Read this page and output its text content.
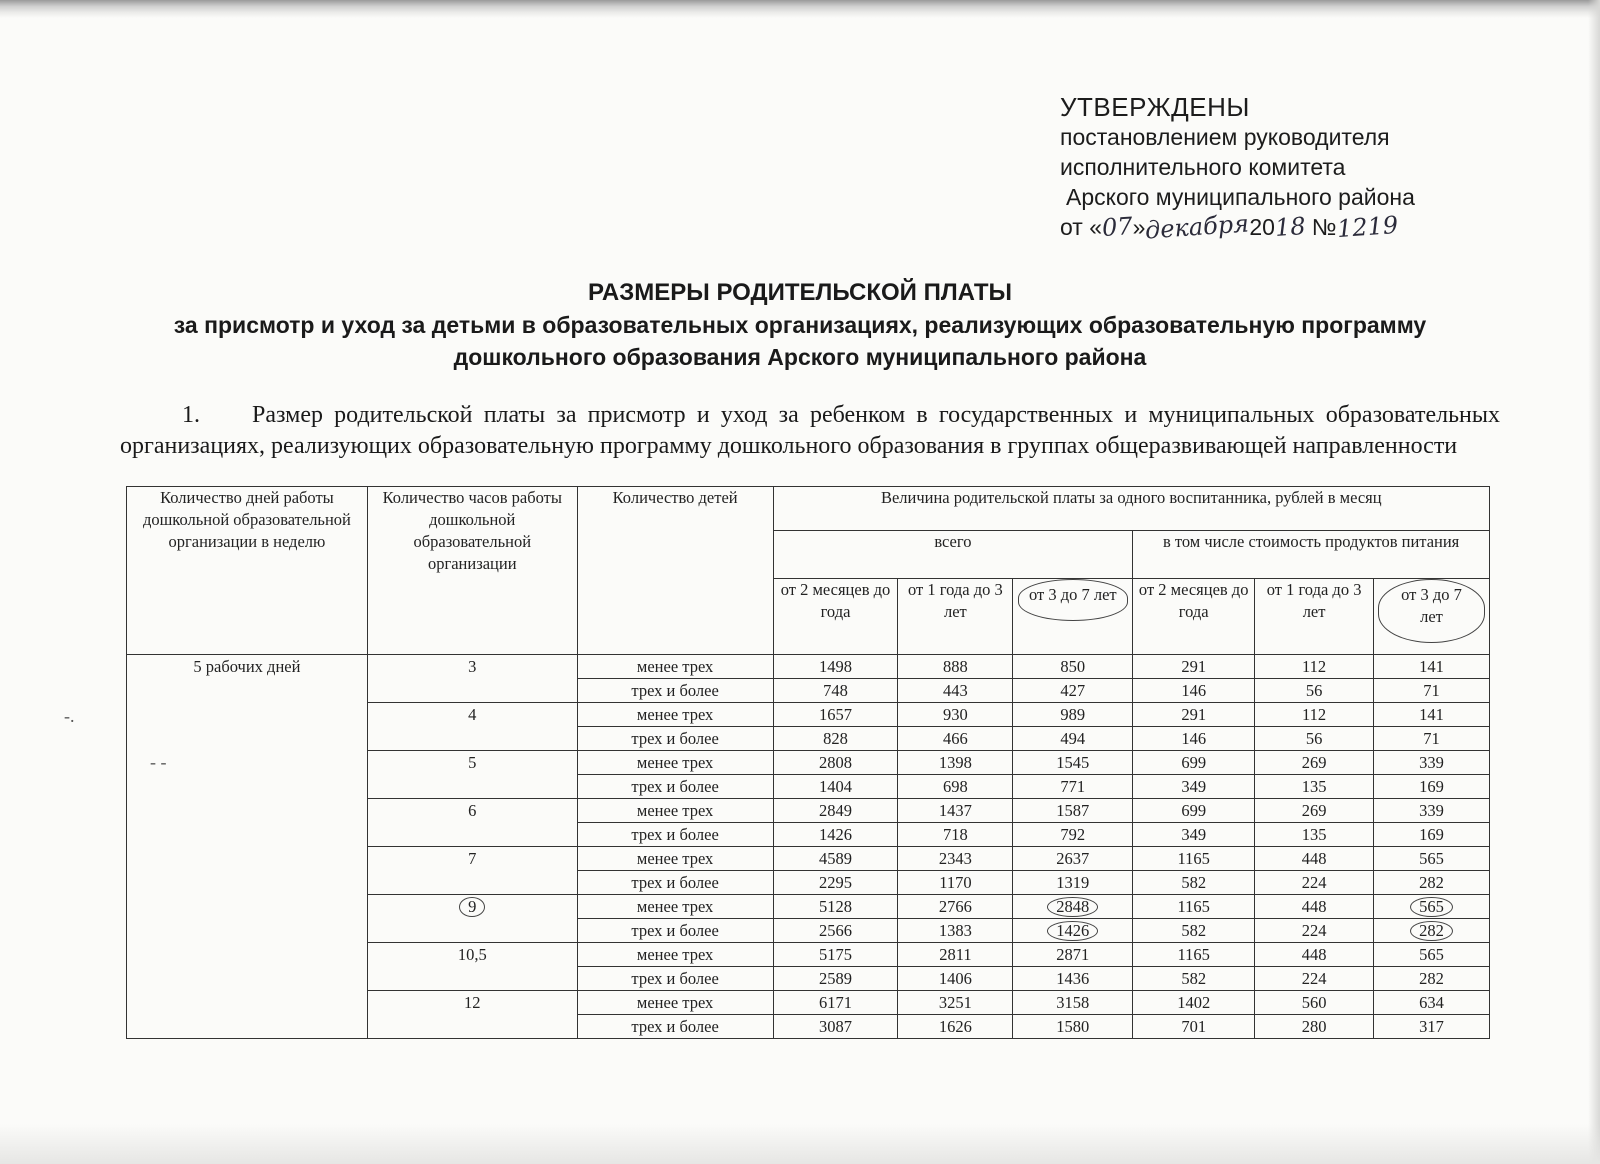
УТВЕРЖДЕНЫ
постановлением руководителя
исполнительного комитета
Арского муниципального района
от «07»декабря2018 №1219
РАЗМЕРЫ РОДИТЕЛЬСКОЙ ПЛАТЫ
за присмотр и уход за детьми в образовательных организациях, реализующих образовательную программу
дошкольного образования Арского муниципального района
1. Размер родительской платы за присмотр и уход за ребенком в государственных и муниципальных образовательных организациях, реализующих образовательную программу дошкольного образования в группах общеразвивающей направленности
Количество дней работы дошкольной образовательной организации в неделю	Количество часов работы дошкольной образовательной организации	Количество детей	Величина родительской платы за одного воспитанника, рублей в месяц					
			всего			в том числе стоимость продуктов питания		
			от 2 месяцев до года	от 1 года до 3 лет	от 3 до 7 лет	от 2 месяцев до года	от 1 года до 3 лет	от 3 до 7 лет
5 рабочих дней	3	менее трех	1498	888	850	291	112	141
		трех и более	748	443	427	146	56	71
	4	менее трех	1657	930	989	291	112	141
		трех и более	828	466	494	146	56	71
	5	менее трех	2808	1398	1545	699	269	339
		трех и более	1404	698	771	349	135	169
	6	менее трех	2849	1437	1587	699	269	339
		трех и более	1426	718	792	349	135	169
	7	менее трех	4589	2343	2637	1165	448	565
		трех и более	2295	1170	1319	582	224	282
	9	менее трех	5128	2766	2848	1165	448	565
		трех и более	2566	1383	1426	582	224	282
	10,5	менее трех	5175	2811	2871	1165	448	565
		трех и более	2589	1406	1436	582	224	282
	12	менее трех	6171	3251	3158	1402	560	634
		трех и более	3087	1626	1580	701	280	317
-.
- -
